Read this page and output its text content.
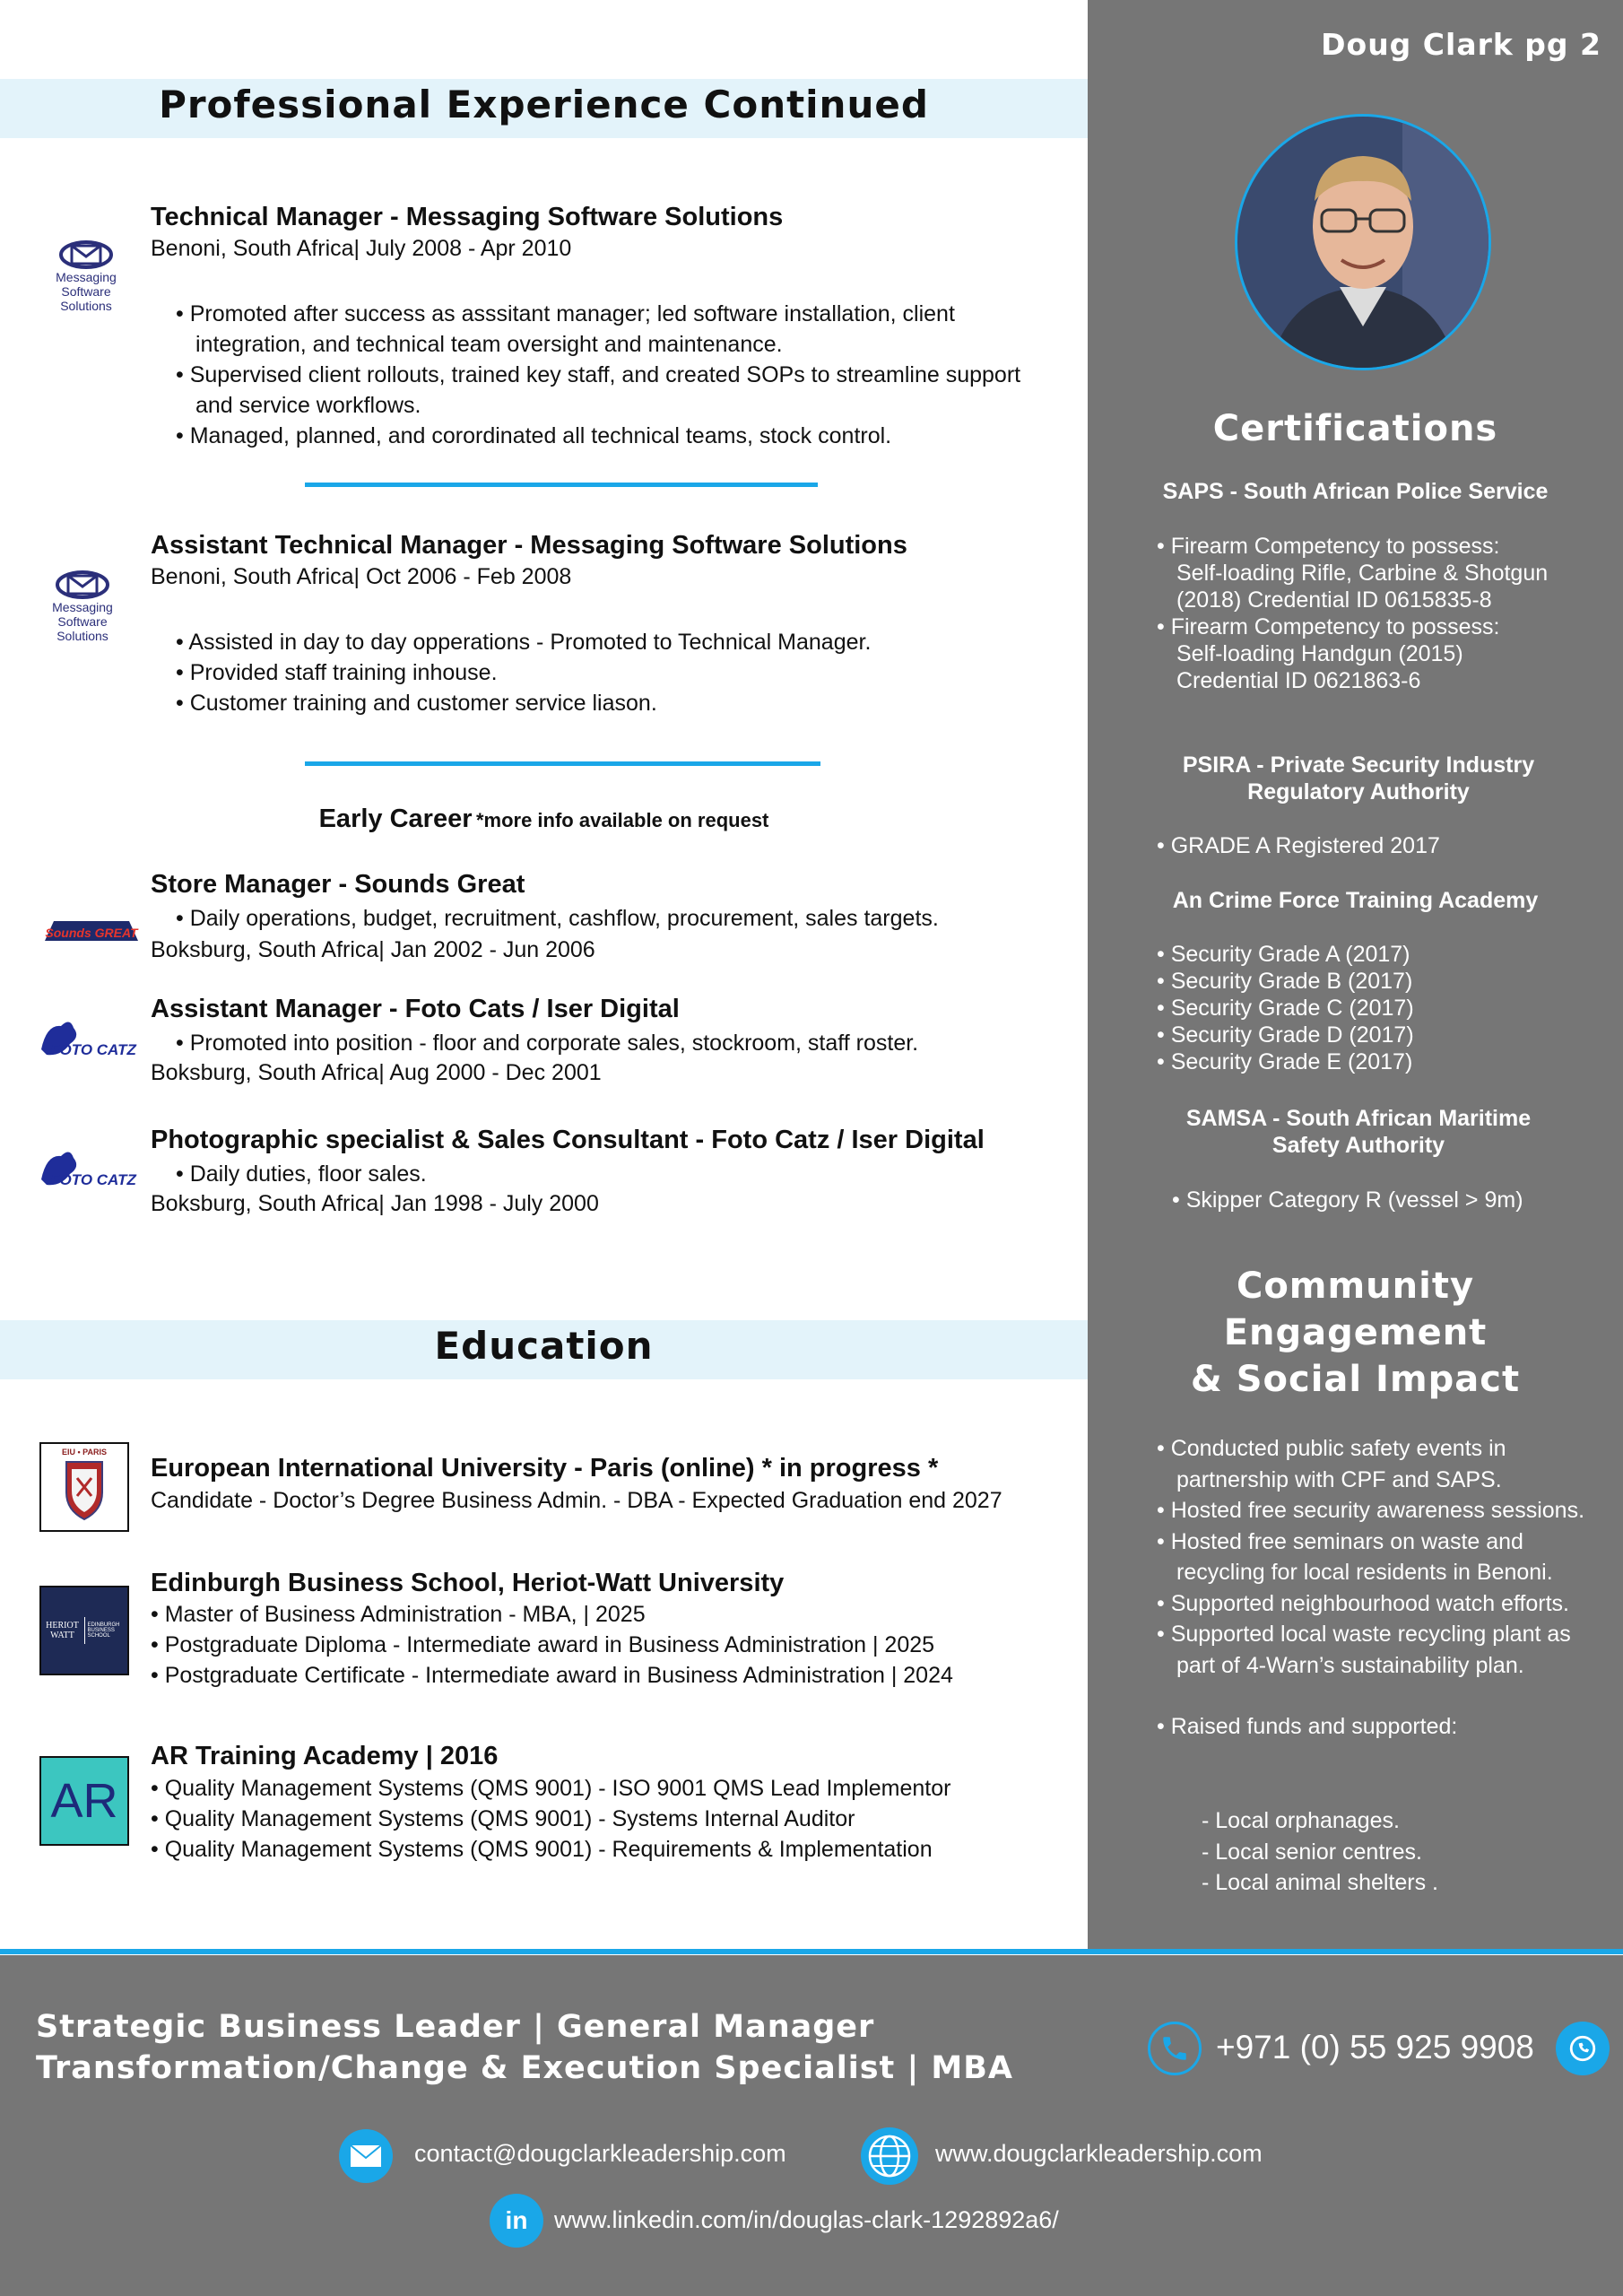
Doug Clark pg 2
Professional Experience Continued
Messaging
Software
Solutions
Technical Manager - Messaging Software Solutions
Benoni, South Africa| July 2008 - Apr 2010
• Promoted after success as asssitant manager; led software installation, client integration, and technical team oversight and maintenance.
• Supervised client rollouts, trained key staff, and created SOPs to streamline support and service workflows.
• Managed, planned, and corordinated all technical teams, stock control.
Messaging
Software
Solutions
Assistant Technical Manager - Messaging Software Solutions
Benoni, South Africa| Oct 2006 - Feb 2008
• Assisted in day to day opperations - Promoted to Technical Manager.
• Provided staff training inhouse.
• Customer training and customer service liason.
Early Career *more info available on request
Sounds GREAT
Store Manager - Sounds Great
• Daily operations, budget, recruitment, cashflow, procurement, sales targets.
Boksburg, South Africa| Jan 2002 - Jun 2006
FOTO CATZ
Assistant Manager - Foto Cats / Iser Digital
• Promoted into position - floor and corporate sales, stockroom, staff roster.
Boksburg, South Africa| Aug 2000 - Dec 2001
FOTO CATZ
Photographic specialist & Sales Consultant - Foto Catz / Iser Digital
• Daily duties, floor sales.
Boksburg, South Africa| Jan 1998 - July 2000
Education
EIU • PARIS
European International University - Paris (online) * in progress *
Candidate - Doctor’s Degree Business Admin. - DBA - Expected Graduation end 2027
HERIOT WATT
EDINBURGH BUSINESS SCHOOL
Edinburgh Business School, Heriot-Watt University
• Master of Business Administration - MBA, | 2025
• Postgraduate Diploma - Intermediate award in Business Administration | 2025
• Postgraduate Certificate - Intermediate award in Business Administration | 2024
AR
AR Training Academy | 2016
• Quality Management Systems (QMS 9001) - ISO 9001 QMS Lead Implementor
• Quality Management Systems (QMS 9001) - Systems Internal Auditor
• Quality Management Systems (QMS 9001) - Requirements & Implementation
Certifications
SAPS - South African Police Service
• Firearm Competency to possess: Self-loading Rifle, Carbine & Shotgun (2018) Credential ID 0615835-8
• Firearm Competency to possess: Self-loading Handgun (2015) Credential ID 0621863-6
PSIRA - Private Security Industry Regulatory Authority
• GRADE A Registered 2017
An Crime Force Training Academy
• Security Grade A (2017)
• Security Grade B (2017)
• Security Grade C (2017)
• Security Grade D (2017)
• Security Grade E (2017)
SAMSA - South African Maritime Safety Authority
• Skipper Category R (vessel > 9m)
Community
Engagement
& Social Impact
• Conducted public safety events in partnership with CPF and SAPS.
• Hosted free security awareness sessions.
• Hosted free seminars on waste and recycling for local residents in Benoni.
• Supported neighbourhood watch efforts.
• Supported local waste recycling plant as part of 4-Warn’s sustainability plan.
• Raised funds and supported:
- Local orphanages.
- Local senior centres.
- Local animal shelters .
Strategic Business Leader | General Manager
Transformation/Change & Execution Specialist | MBA
+971 (0) 55 925 9908
contact@dougclarkleadership.com	www.dougclarkleadership.com
in	www.linkedin.com/in/douglas-clark-1292892a6/
